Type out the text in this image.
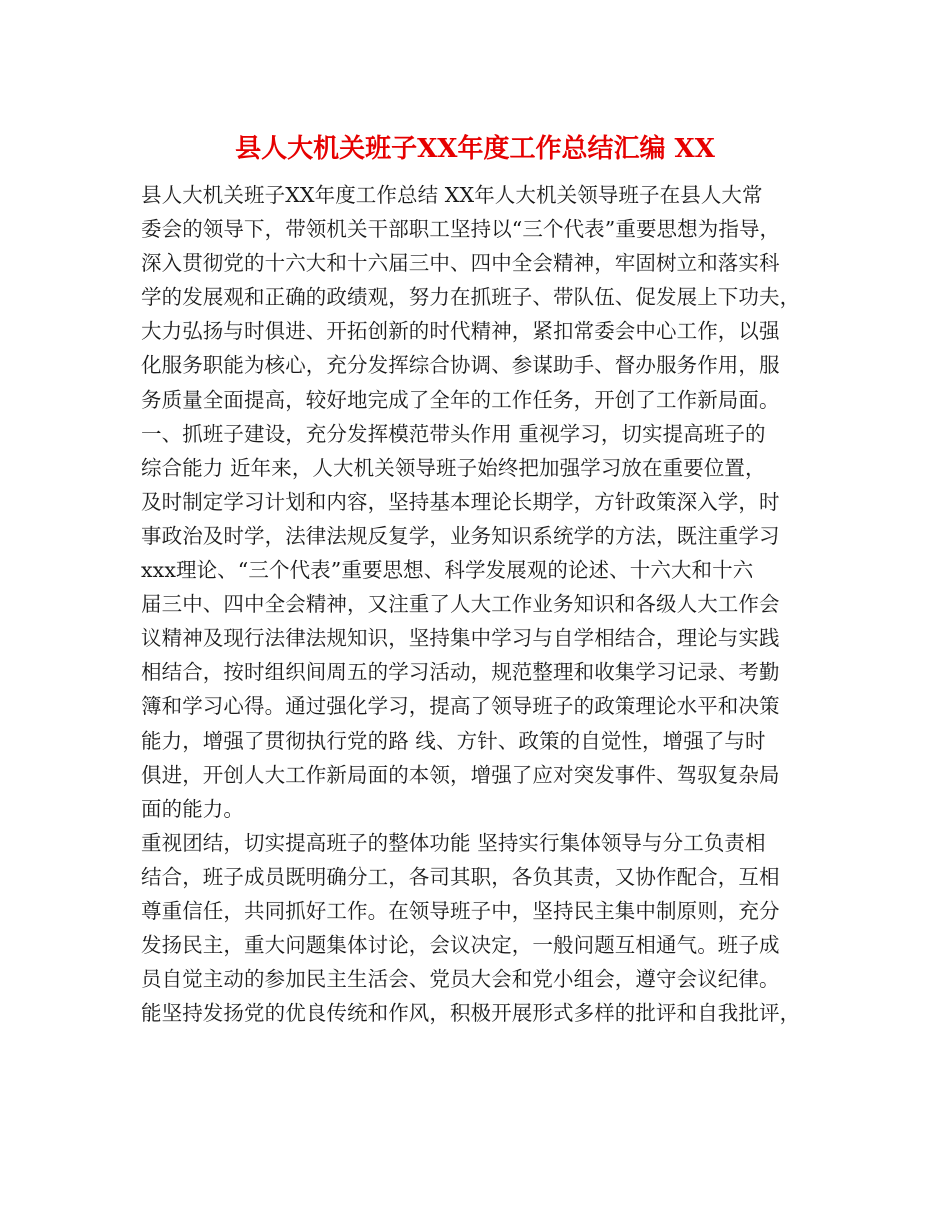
县人大机关班子XX年度工作总结汇编 XX
县人大机关班子XX年度工作总结 XX年人大机关领导班子在县人大常
委会的领导下，带领机关干部职工坚持以“三个代表”重要思想为指导，
深入贯彻党的十六大和十六届三中、四中全会精神，牢固树立和落实科
学的发展观和正确的政绩观，努力在抓班子、带队伍、促发展上下功夫，
大力弘扬与时俱进、开拓创新的时代精神，紧扣常委会中心工作，以强
化服务职能为核心，充分发挥综合协调、参谋助手、督办服务作用，服
务质量全面提高，较好地完成了全年的工作任务，开创了工作新局面。
一、抓班子建设，充分发挥模范带头作用 重视学习，切实提高班子的
综合能力 近年来，人大机关领导班子始终把加强学习放在重要位置，
及时制定学习计划和内容，坚持基本理论长期学，方针政策深入学，时
事政治及时学，法律法规反复学，业务知识系统学的方法，既注重学习
xxx理论、“三个代表”重要思想、科学发展观的论述、十六大和十六
届三中、四中全会精神，又注重了人大工作业务知识和各级人大工作会
议精神及现行法律法规知识，坚持集中学习与自学相结合，理论与实践
相结合，按时组织间周五的学习活动，规范整理和收集学习记录、考勤
簿和学习心得。通过强化学习，提高了领导班子的政策理论水平和决策
能力，增强了贯彻执行党的路 线、方针、政策的自觉性，增强了与时
俱进，开创人大工作新局面的本领，增强了应对突发事件、驾驭复杂局
面的能力。
重视团结，切实提高班子的整体功能 坚持实行集体领导与分工负责相
结合，班子成员既明确分工，各司其职，各负其责，又协作配合，互相
尊重信任，共同抓好工作。在领导班子中，坚持民主集中制原则，充分
发扬民主，重大问题集体讨论，会议决定，一般问题互相通气。班子成
员自觉主动的参加民主生活会、党员大会和党小组会，遵守会议纪律。
能坚持发扬党的优良传统和作风，积极开展形式多样的批评和自我批评，
